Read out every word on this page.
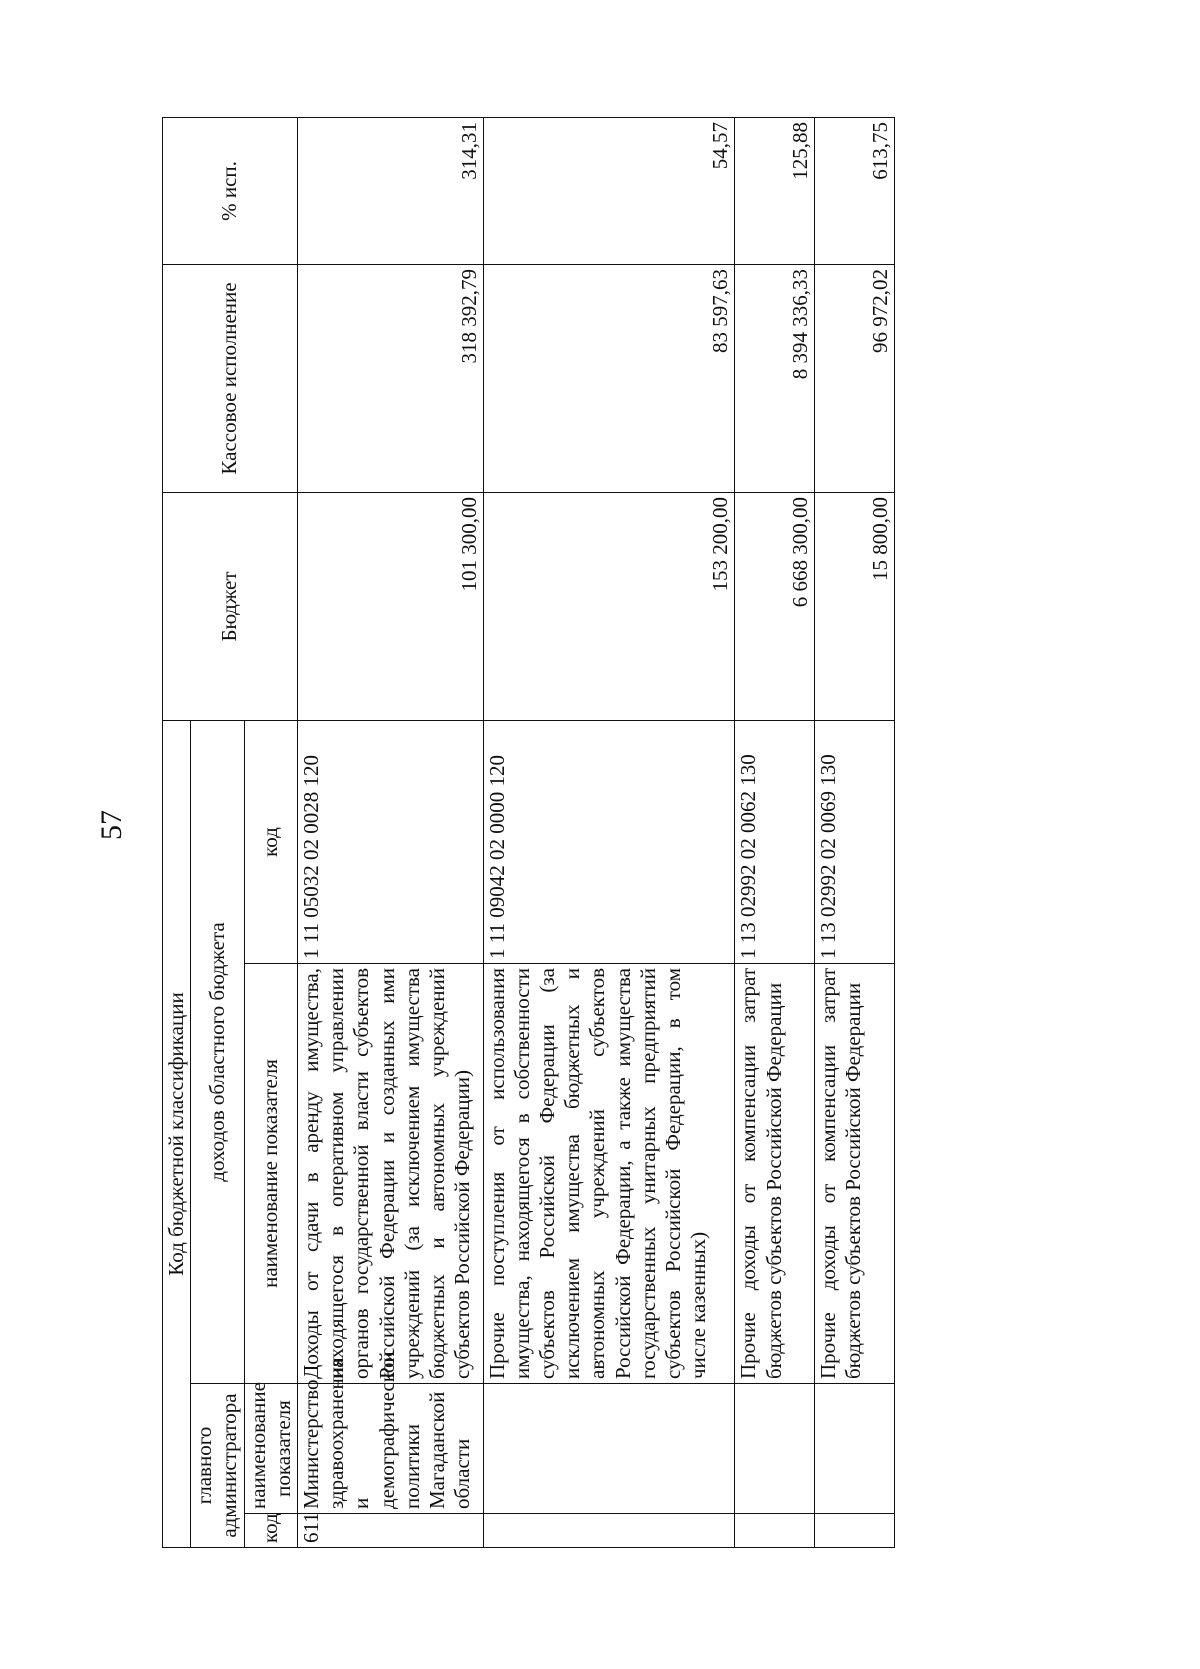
57
Код бюджетной классификации				Бюджет	Кассовое исполнение	% исп.
главного администратора		доходов областного бюджета				
код	наименование показателя	наименование показателя	код			
611	Министерство здравоохранения и демографической политики Магаданской области	Доходы от сдачи в аренду имущества, находящегося в оперативном управлении органов государственной власти субъектов Российской Федерации и созданных ими учреждений (за исключением имущества бюджетных и автономных учреждений субъектов Российской Федерации)	1 11 05032 02 0028 120	101 300,00	318 392,79	314,31
		Прочие поступления от использования имущества, находящегося в собственности субъектов Российской Федерации (за исключением имущества бюджетных и автономных учреждений субъектов Российской Федерации, а также имущества государственных унитарных предприятий субъектов Российской Федерации, в том числе казенных)	1 11 09042 02 0000 120	153 200,00	83 597,63	54,57
		Прочие доходы от компенсации затрат бюджетов субъектов Российской Федерации	1 13 02992 02 0062 130	6 668 300,00	8 394 336,33	125,88
		Прочие доходы от компенсации затрат бюджетов субъектов Российской Федерации	1 13 02992 02 0069 130	15 800,00	96 972,02	613,75
